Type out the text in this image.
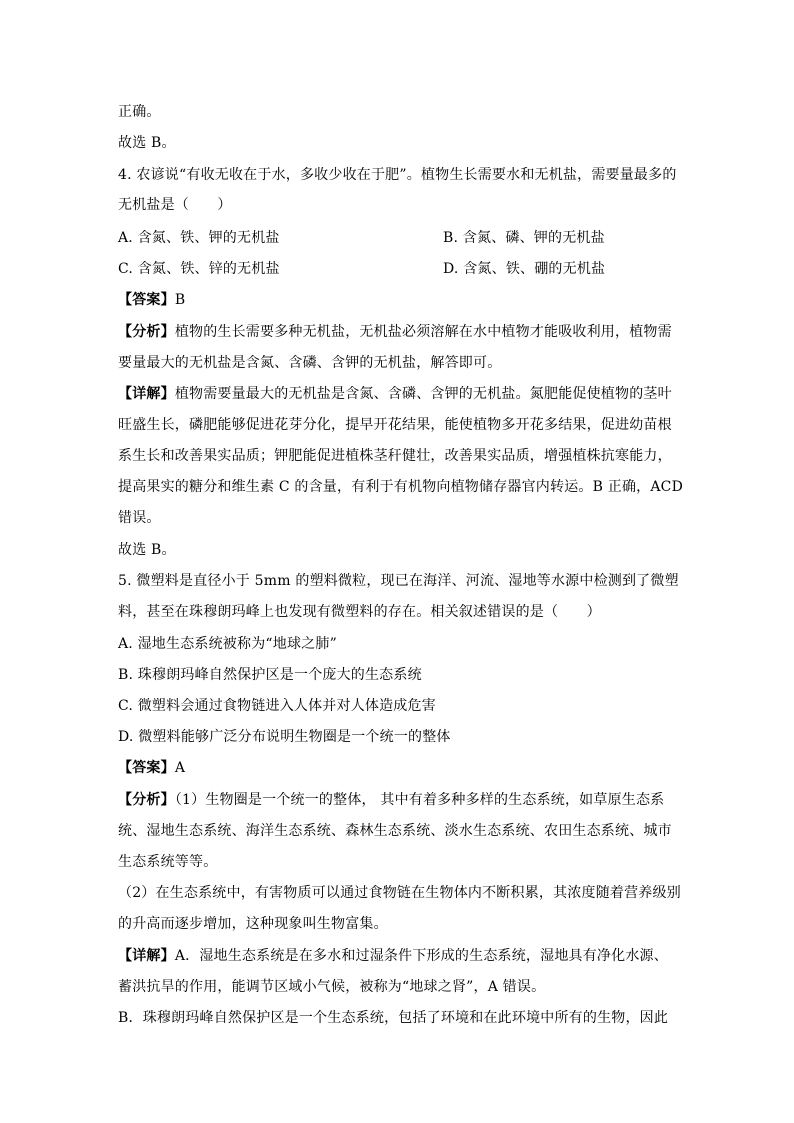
正确。
故选 B。
4. 农谚说“有收无收在于水，多收少收在于肥”。植物生长需要水和无机盐，需要量最多的
无机盐是（　　）
A. 含氮、铁、钾的无机盐	B. 含氮、磷、钾的无机盐
C. 含氮、铁、锌的无机盐	D. 含氮、铁、硼的无机盐
【答案】B
【分析】植物的生长需要多种无机盐，无机盐必须溶解在水中植物才能吸收利用，植物需
要量最大的无机盐是含氮、含磷、含钾的无机盐，解答即可。
【详解】植物需要量最大的无机盐是含氮、含磷、含钾的无机盐。氮肥能促使植物的茎叶
旺盛生长，磷肥能够促进花芽分化，提早开花结果，能使植物多开花多结果，促进幼苗根
系生长和改善果实品质；钾肥能促进植株茎秆健壮，改善果实品质，增强植株抗寒能力，
提高果实的糖分和维生素 C 的含量，有利于有机物向植物储存器官内转运。B 正确，ACD
错误。
故选 B。
5. 微塑料是直径小于 5mm 的塑料微粒，现已在海洋、河流、湿地等水源中检测到了微塑
料，甚至在珠穆朗玛峰上也发现有微塑料的存在。相关叙述错误的是（　　）
A. 湿地生态系统被称为“地球之肺”
B. 珠穆朗玛峰自然保护区是一个庞大的生态系统
C. 微塑料会通过食物链进入人体并对人体造成危害
D. 微塑料能够广泛分布说明生物圈是一个统一的整体
【答案】A
【分析】（1）生物圈是一个统一的整体， 其中有着多种多样的生态系统，如草原生态系
统、湿地生态系统、海洋生态系统、森林生态系统、淡水生态系统、农田生态系统、城市
生态系统等等。
（2）在生态系统中，有害物质可以通过食物链在生物体内不断积累，其浓度随着营养级别
的升高而逐步增加，这种现象叫生物富集。
【详解】A．湿地生态系统是在多水和过湿条件下形成的生态系统，湿地具有净化水源、
蓄洪抗旱的作用，能调节区域小气候，被称为“地球之肾”，A 错误。
B．珠穆朗玛峰自然保护区是一个生态系统，包括了环境和在此环境中所有的生物，因此
